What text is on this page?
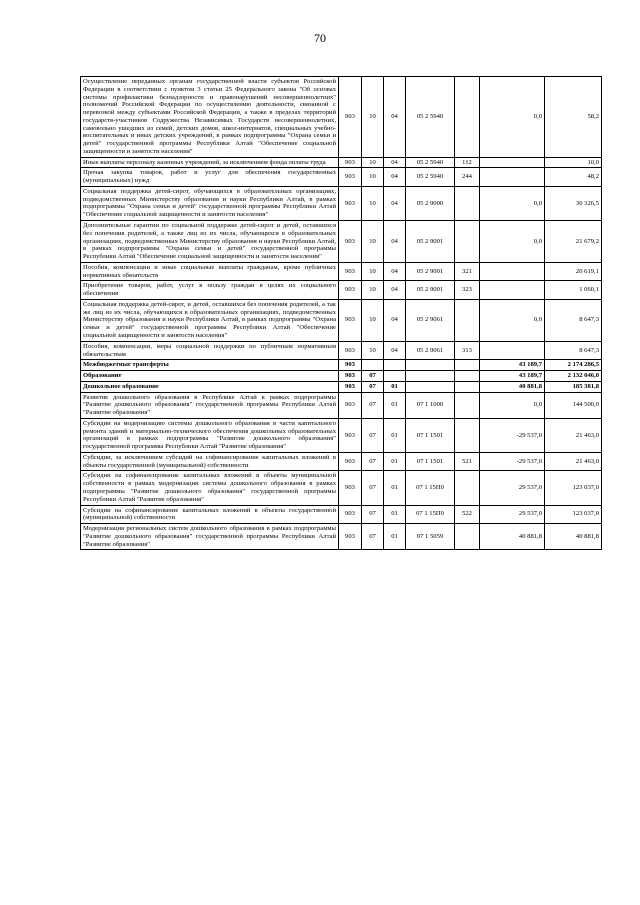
70
Осуществление переданных органам государственной власти субъектов Российской Федерации в соответствии с пунктом 3 статьи 25 Федерального закона "Об основах системы профилактики безнадзорности и правонарушений несовершеннолетних" полномочий Российской Федерации по осуществлению деятельности, связанной с перевозкой между субъектами Российской Федерации, а также в пределах территорий государств-участников Содружества Независимых Государств несовершеннолетних, самовольно ушедших из семей, детских домов, школ-интернатов, специальных учебно-воспитательных и иных детских учреждений, в рамках подпрограммы "Охрана семьи и детей" государственной программы Республики Алтай "Обеспечение социальной защищенности и занятости населения"	903	10	04	05 2 5940		0,0	58,2
Иные выплаты персоналу казенных учреждений, за исключением фонда оплаты труда	903	10	04	05 2 5940	112		10,0
Прочая закупка товаров, работ и услуг для обеспечения государственных (муниципальных) нужд	903	10	04	05 2 5940	244		48,2
Социальная поддержка детей-сирот, обучающихся в образовательных организациях, подведомственных Министерству образования и науки Республики Алтай, в рамках подпрограммы "Охрана семьи и детей" государственной программы Республики Алтай "Обеспечение социальной защищенности и занятости населения"	903	10	04	05 2 9000		0,0	30 326,5
Дополнительные гарантии по социальной поддержке детей-сирот и детей, оставшихся без попечения родителей, а также лиц из их числа, обучающихся в образовательных организациях, подведомственных Министерству образования и науки Республики Алтай, в рамках подпрограммы "Охрана семьи и детей" государственной программы Республики Алтай "Обеспечение социальной защищенности и занятости населения"	903	10	04	05 2 9001		0,0	21 679,2
Пособия, компенсации и иные социальные выплаты гражданам, кроме публичных нормативных обязательств	903	10	04	05 2 9001	321		20 619,1
Приобретение товаров, работ, услуг в пользу граждан в целях их социального обеспечения	903	10	04	05 2 9001	323		1 060,1
Социальная поддержка детей-сирот, и детей, оставшихся без попечения родителей, а так же лиц из их числа, обучающихся в образовательных организациях, подведомственных Министерству образования и науки Республики Алтай, в рамках подпрограммы "Охрана семьи и детей" государственной программы Республики Алтай "Обеспечение социальной защищенности и занятости населения"	903	10	04	05 2 9061		0,0	8 647,3
Пособия, компенсации, меры социальной поддержки по публичным нормативным обязательствам	903	10	04	05 2 9061	313		8 647,3
Межбюджетные трансферты	903					43 189,7	2 174 286,5
Образование	903	07				43 189,7	2 132 046,0
Дошкольное образование	903	07	01			40 881,8	185 381,8
Развитие дошкольного образования в Республике Алтай в рамках подпрограммы "Развитие дошкольного образования" государственной программы Республики Алтай "Развитие образования"	903	07	01	07 1 1000		0,0	144 500,0
Субсидии на модернизацию системы дошкольного образования в части капитального ремонта зданий и материально-технического обеспечения дошкольных образовательных организаций в рамках подпрограммы "Развитие дошкольного образования" государственной программы Республики Алтай "Развитие образования"	903	07	01	07 1 1501		-29 537,0	21 463,0
Субсидии, за исключением субсидий на софинансирование капитальных вложений в объекты государственной (муниципальной) собственности	903	07	01	07 1 1501	521	-29 537,0	21 463,0
Субсидии на софинансирование капитальных вложений в объекты муниципальной собственности в рамках модернизации системы дошкольного образования в рамках подпрограммы "Развитие дошкольного образования" государственной программы Республики Алтай "Развитие образования"	903	07	01	07 1 15П0		29 537,0	123 037,0
Субсидии на софинансирование капитальных вложений в объекты государственной (муниципальной) собственности	903	07	01	07 1 15П0	522	29 537,0	123 037,0
Модернизация региональных систем дошкольного образования в рамках подпрограммы "Развитие дошкольного образования" государственной программы Республики Алтай "Развитие образования"	903	07	01	07 1 5059		40 881,8	40 881,8
